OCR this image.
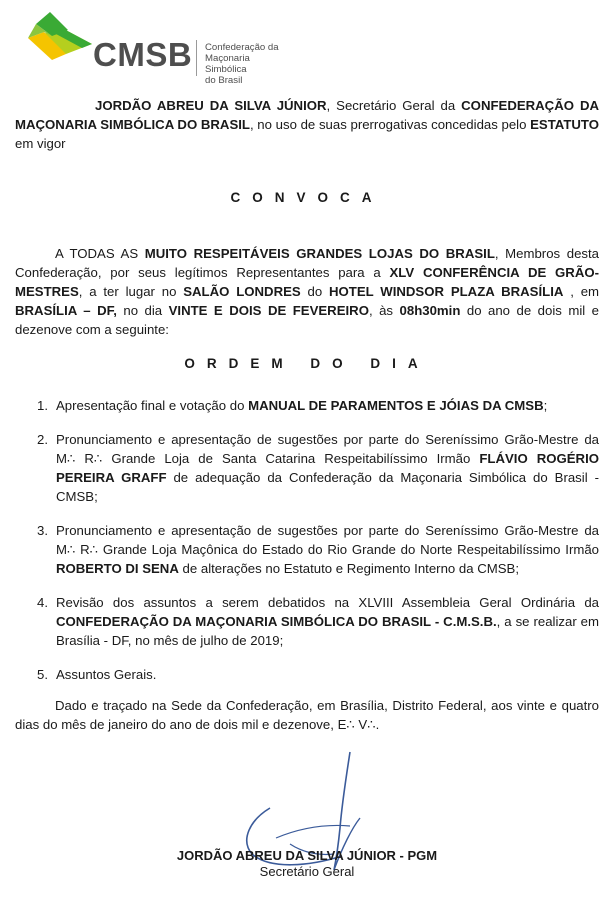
CMSB Confederação da
Maçonaria Simbólica
do Brasil

JORDÃO ABREU DA SILVA JÚNIOR, Secretário Geral da CONFEDERAÇÃO DA MAÇONARIA SIMBÓLICA DO BRASIL, no uso de suas prerrogativas concedidas pelo ESTATUTO em vigor

CONVOCA

A TODAS AS MUITO RESPEITÁVEIS GRANDES LOJAS DO BRASIL, Membros desta Confederação, por seus legítimos Representantes para a XLV CONFERÊNCIA DE GRÃO-MESTRES, a ter lugar no SALÃO LONDRES do HOTEL WINDSOR PLAZA BRASÍLIA , em BRASÍLIA – DF, no dia VINTE E DOIS DE FEVEREIRO, às 08h30min do ano de dois mil e dezenove com a seguinte:

ORDEM DO DIA
1. Apresentação final e votação do MANUAL DE PARAMENTOS E JÓIAS DA CMSB;
2. Pronunciamento e apresentação de sugestões por parte do Sereníssimo Grão-Mestre da M∴ R∴ Grande Loja de Santa Catarina Respeitabilíssimo Irmão FLÁVIO ROGÉRIO PEREIRA GRAFF de adequação da Confederação da Maçonaria Simbólica do Brasil - CMSB;
3. Pronunciamento e apresentação de sugestões por parte do Sereníssimo Grão-Mestre da M∴ R∴ Grande Loja Maçônica do Estado do Rio Grande do Norte Respeitabilíssimo Irmão ROBERTO DI SENA de alterações no Estatuto e Regimento Interno da CMSB;
4. Revisão dos assuntos a serem debatidos na XLVIII Assembleia Geral Ordinária da CONFEDERAÇÃO DA MAÇONARIA SIMBÓLICA DO BRASIL - C.M.S.B., a se realizar em Brasília - DF, no mês de julho de 2019;
5. Assuntos Gerais.

Dado e traçado na Sede da Confederação, em Brasília, Distrito Federal, aos vinte e quatro dias do mês de janeiro do ano de dois mil e dezenove, E∴ V∴.

JORDÃO ABREU DA SILVA JÚNIOR - PGM
Secretário Geral
